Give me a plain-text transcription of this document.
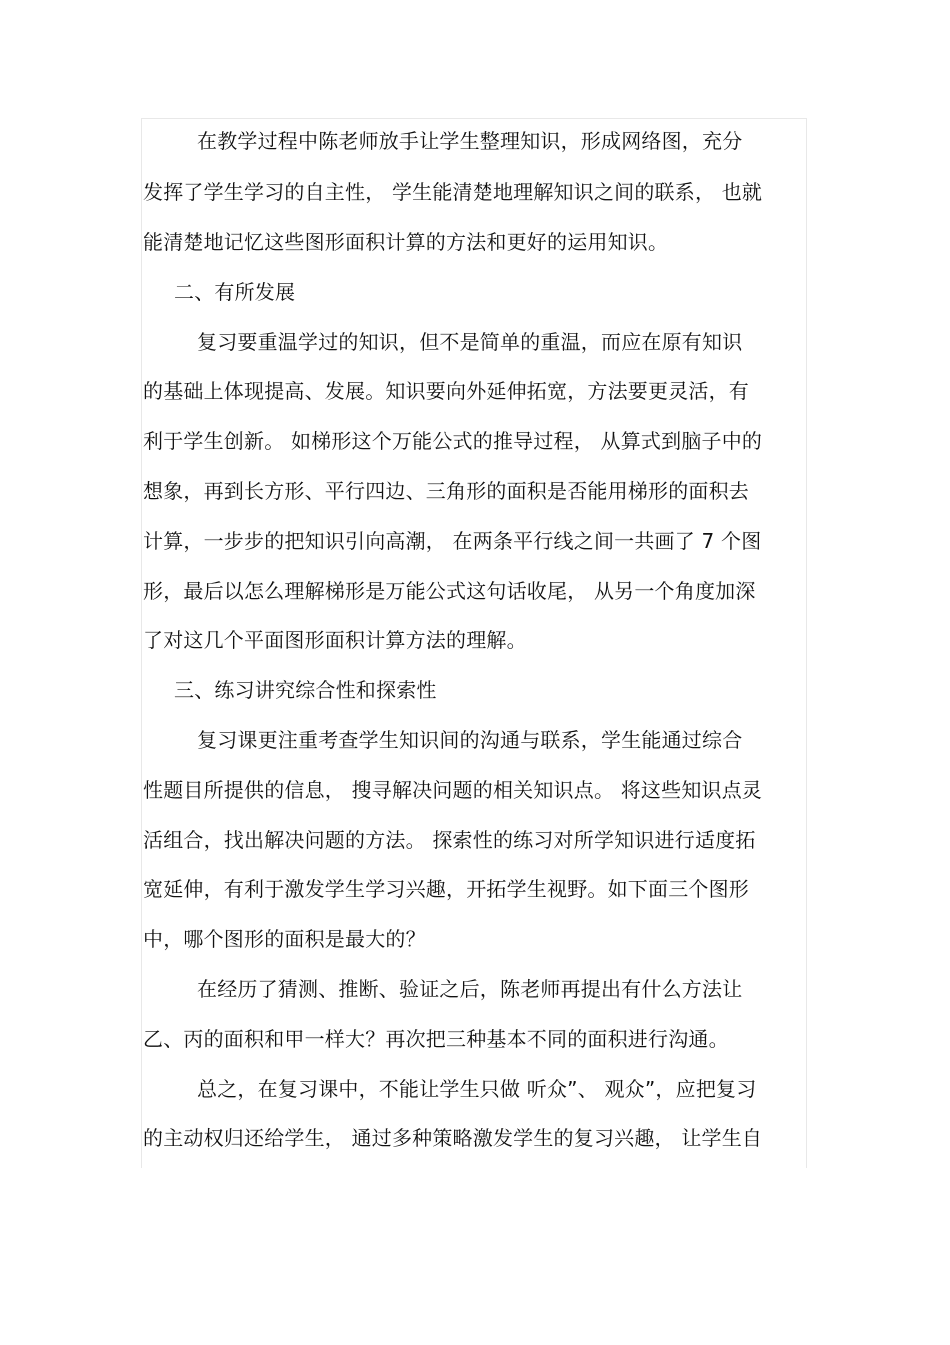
在教学过程中陈老师放手让学生整理知识，形成网络图，充分
发挥了学生学习的自主性， 学生能清楚地理解知识之间的联系， 也就
能清楚地记忆这些图形面积计算的方法和更好的运用知识。
二、有所发展
复习要重温学过的知识，但不是简单的重温，而应在原有知识
的基础上体现提高、发展。知识要向外延伸拓宽，方法要更灵活，有
利于学生创新。 如梯形这个万能公式的推导过程， 从算式到脑子中的
想象，再到长方形、平行四边、三角形的面积是否能用梯形的面积去
计算，一步步的把知识引向高潮， 在两条平行线之间一共画了 7 个图
形，最后以怎么理解梯形是万能公式这句话收尾， 从另一个角度加深
了对这几个平面图形面积计算方法的理解。
三、练习讲究综合性和探索性
复习课更注重考查学生知识间的沟通与联系，学生能通过综合
性题目所提供的信息， 搜寻解决问题的相关知识点。 将这些知识点灵
活组合，找出解决问题的方法。 探索性的练习对所学知识进行适度拓
宽延伸，有利于激发学生学习兴趣，开拓学生视野。如下面三个图形
中，哪个图形的面积是最大的？
在经历了猜测、推断、验证之后，陈老师再提出有什么方法让
乙、丙的面积和甲一样大？再次把三种基本不同的面积进行沟通。
总之，在复习课中，不能让学生只做 听众”、 观众”，应把复习
的主动权归还给学生， 通过多种策略激发学生的复习兴趣， 让学生自
